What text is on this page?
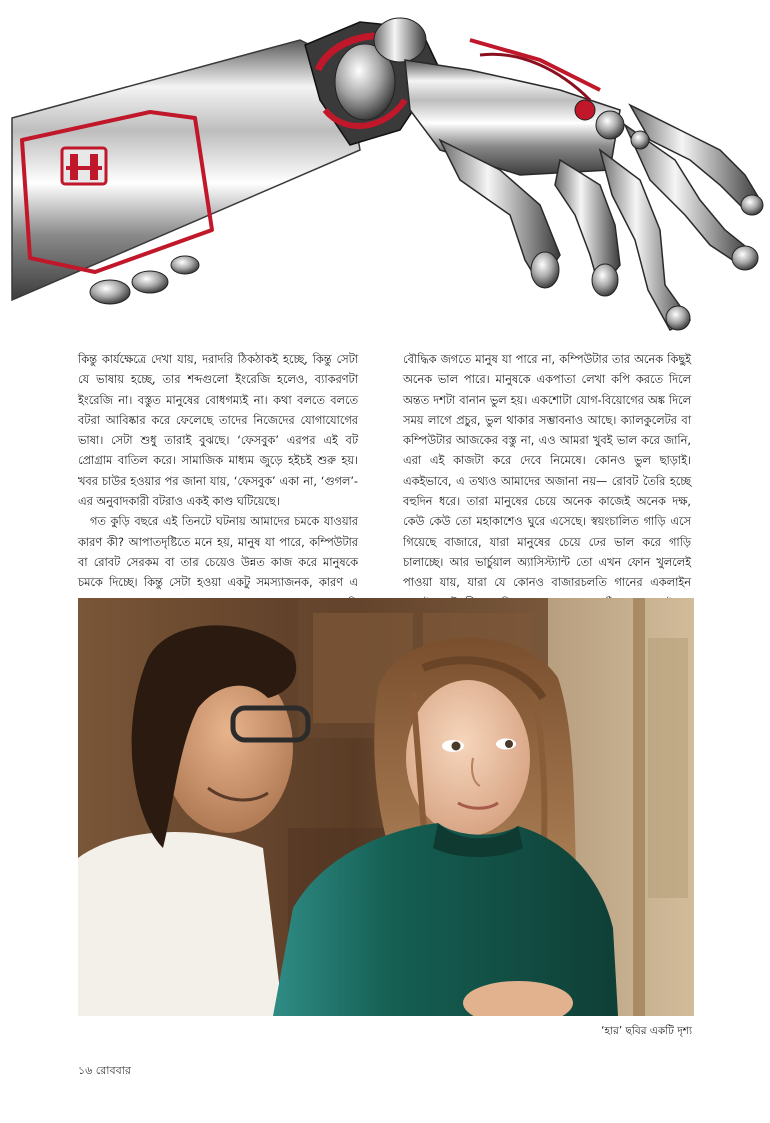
কিন্তু কার্যক্ষেত্রে দেখা যায়, দরাদরি ঠিকঠাকই হচ্ছে, কিন্তু সেটা যে ভাষায় হচ্ছে, তার শব্দগুলো ইংরেজি হলেও, ব্যাকরণটা ইংরেজি না। বস্তুত মানুষের বোধগম্যই না। কথা বলতে বলতে বটরা আবিষ্কার করে ফেলেছে তাদের নিজেদের যোগাযোগের ভাষা। সেটা শুধু তারাই বুঝছে। ‘ফেসবুক’ এরপর এই বট প্রোগ্রাম বাতিল করে। সামাজিক মাধ্যম জুড়ে হইচই শুরু হয়। খবর চাউর হওয়ার পর জানা যায়, ‘ফেসবুক’ একা না, ‘গুগল’-এর অনুবাদকারী বটরাও একই কাণ্ড ঘটিয়েছে।

গত কুড়ি বছরে এই তিনটে ঘটনায় আমাদের চমকে যাওয়ার কারণ কী? আপাতদৃষ্টিতে মনে হয়, মানুষ যা পারে, কম্পিউটার বা রোবট সেরকম বা তার চেয়েও উন্নত কাজ করে মানুষকে চমকে দিচ্ছে। কিন্তু সেটা হওয়া একটু সমস্যাজনক, কারণ এ

বৌদ্ধিক জগতে মানুষ যা পারে না, কম্পিউটার তার অনেক কিছুই অনেক ভাল পারে। মানুষকে একপাতা লেখা কপি করতে দিলে অন্তত দশটা বানান ভুল হয়। একশোটা যোগ-বিয়োগের অঙ্ক দিলে সময় লাগে প্রচুর, ভুল থাকার সম্ভাবনাও আছে। ক্যালকুলেটর বা কম্পিউটার আজকের বস্তু না, এও আমরা খুবই ভাল করে জানি, এরা এই কাজটা করে দেবে নিমেষে। কোনও ভুল ছাড়াই। একইভাবে, এ তথ্যও আমাদের অজানা নয়— রোবট তৈরি হচ্ছে বহুদিন ধরে। তারা মানুষের চেয়ে অনেক কাজেই অনেক দক্ষ, কেউ কেউ তো মহাকাশেও ঘুরে এসেছে। স্বয়ংচালিত গাড়ি এসে গিয়েছে বাজারে, যারা মানুষের চেয়ে ঢের ভাল করে গাড়ি চালাচ্ছে। আর ভার্চুয়াল অ্যাসিস্ট্যান্ট তো এখন ফোন খুললেই পাওয়া যায়, যারা যে কোনও বাজারচলতি গানের একলাইন

‘হার’ ছবির একটি দৃশ্য
১৬ রোববার
